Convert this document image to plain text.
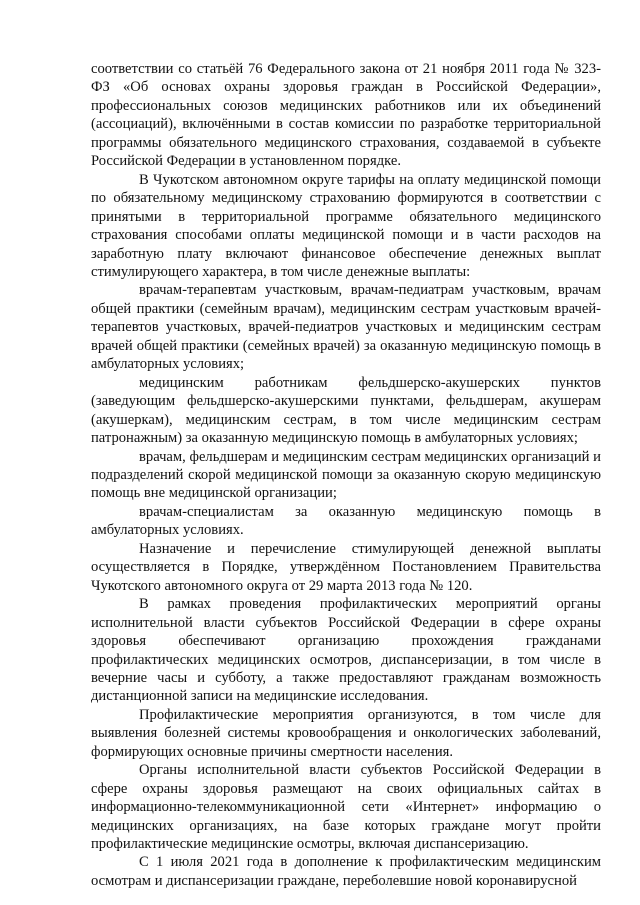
соответствии со статьёй 76 Федерального закона от 21 ноября 2011 года № 323-ФЗ «Об основах охраны здоровья граждан в Российской Федерации», профессиональных союзов медицинских работников или их объединений (ассоциаций), включёнными в состав комиссии по разработке территориальной программы обязательного медицинского страхования, создаваемой в субъекте Российской Федерации в установленном порядке.

В Чукотском автономном округе тарифы на оплату медицинской помощи по обязательному медицинскому страхованию формируются в соответствии с принятыми в территориальной программе обязательного медицинского страхования способами оплаты медицинской помощи и в части расходов на заработную плату включают финансовое обеспечение денежных выплат стимулирующего характера, в том числе денежные выплаты:

врачам-терапевтам участковым, врачам-педиатрам участковым, врачам общей практики (семейным врачам), медицинским сестрам участковым врачей-терапевтов участковых, врачей-педиатров участковых и медицинским сестрам врачей общей практики (семейных врачей) за оказанную медицинскую помощь в амбулаторных условиях;

медицинским работникам фельдшерско-акушерских пунктов (заведующим фельдшерско-акушерскими пунктами, фельдшерам, акушерам (акушеркам), медицинским сестрам, в том числе медицинским сестрам патронажным) за оказанную медицинскую помощь в амбулаторных условиях;

врачам, фельдшерам и медицинским сестрам медицинских организаций и подразделений скорой медицинской помощи за оказанную скорую медицинскую помощь вне медицинской организации;

врачам-специалистам за оказанную медицинскую помощь в амбулаторных условиях.

Назначение и перечисление стимулирующей денежной выплаты осуществляется в Порядке, утверждённом Постановлением Правительства Чукотского автономного округа от 29 марта 2013 года № 120.

В рамках проведения профилактических мероприятий органы исполнительной власти субъектов Российской Федерации в сфере охраны здоровья обеспечивают организацию прохождения гражданами профилактических медицинских осмотров, диспансеризации, в том числе в вечерние часы и субботу, а также предоставляют гражданам возможность дистанционной записи на медицинские исследования.

Профилактические мероприятия организуются, в том числе для выявления болезней системы кровообращения и онкологических заболеваний, формирующих основные причины смертности населения.

Органы исполнительной власти субъектов Российской Федерации в сфере охраны здоровья размещают на своих официальных сайтах в информационно-телекоммуникационной сети «Интернет» информацию о медицинских организациях, на базе которых граждане могут пройти профилактические медицинские осмотры, включая диспансеризацию.

С 1 июля 2021 года в дополнение к профилактическим медицинским осмотрам и диспансеризации граждане, переболевшие новой коронавирусной
